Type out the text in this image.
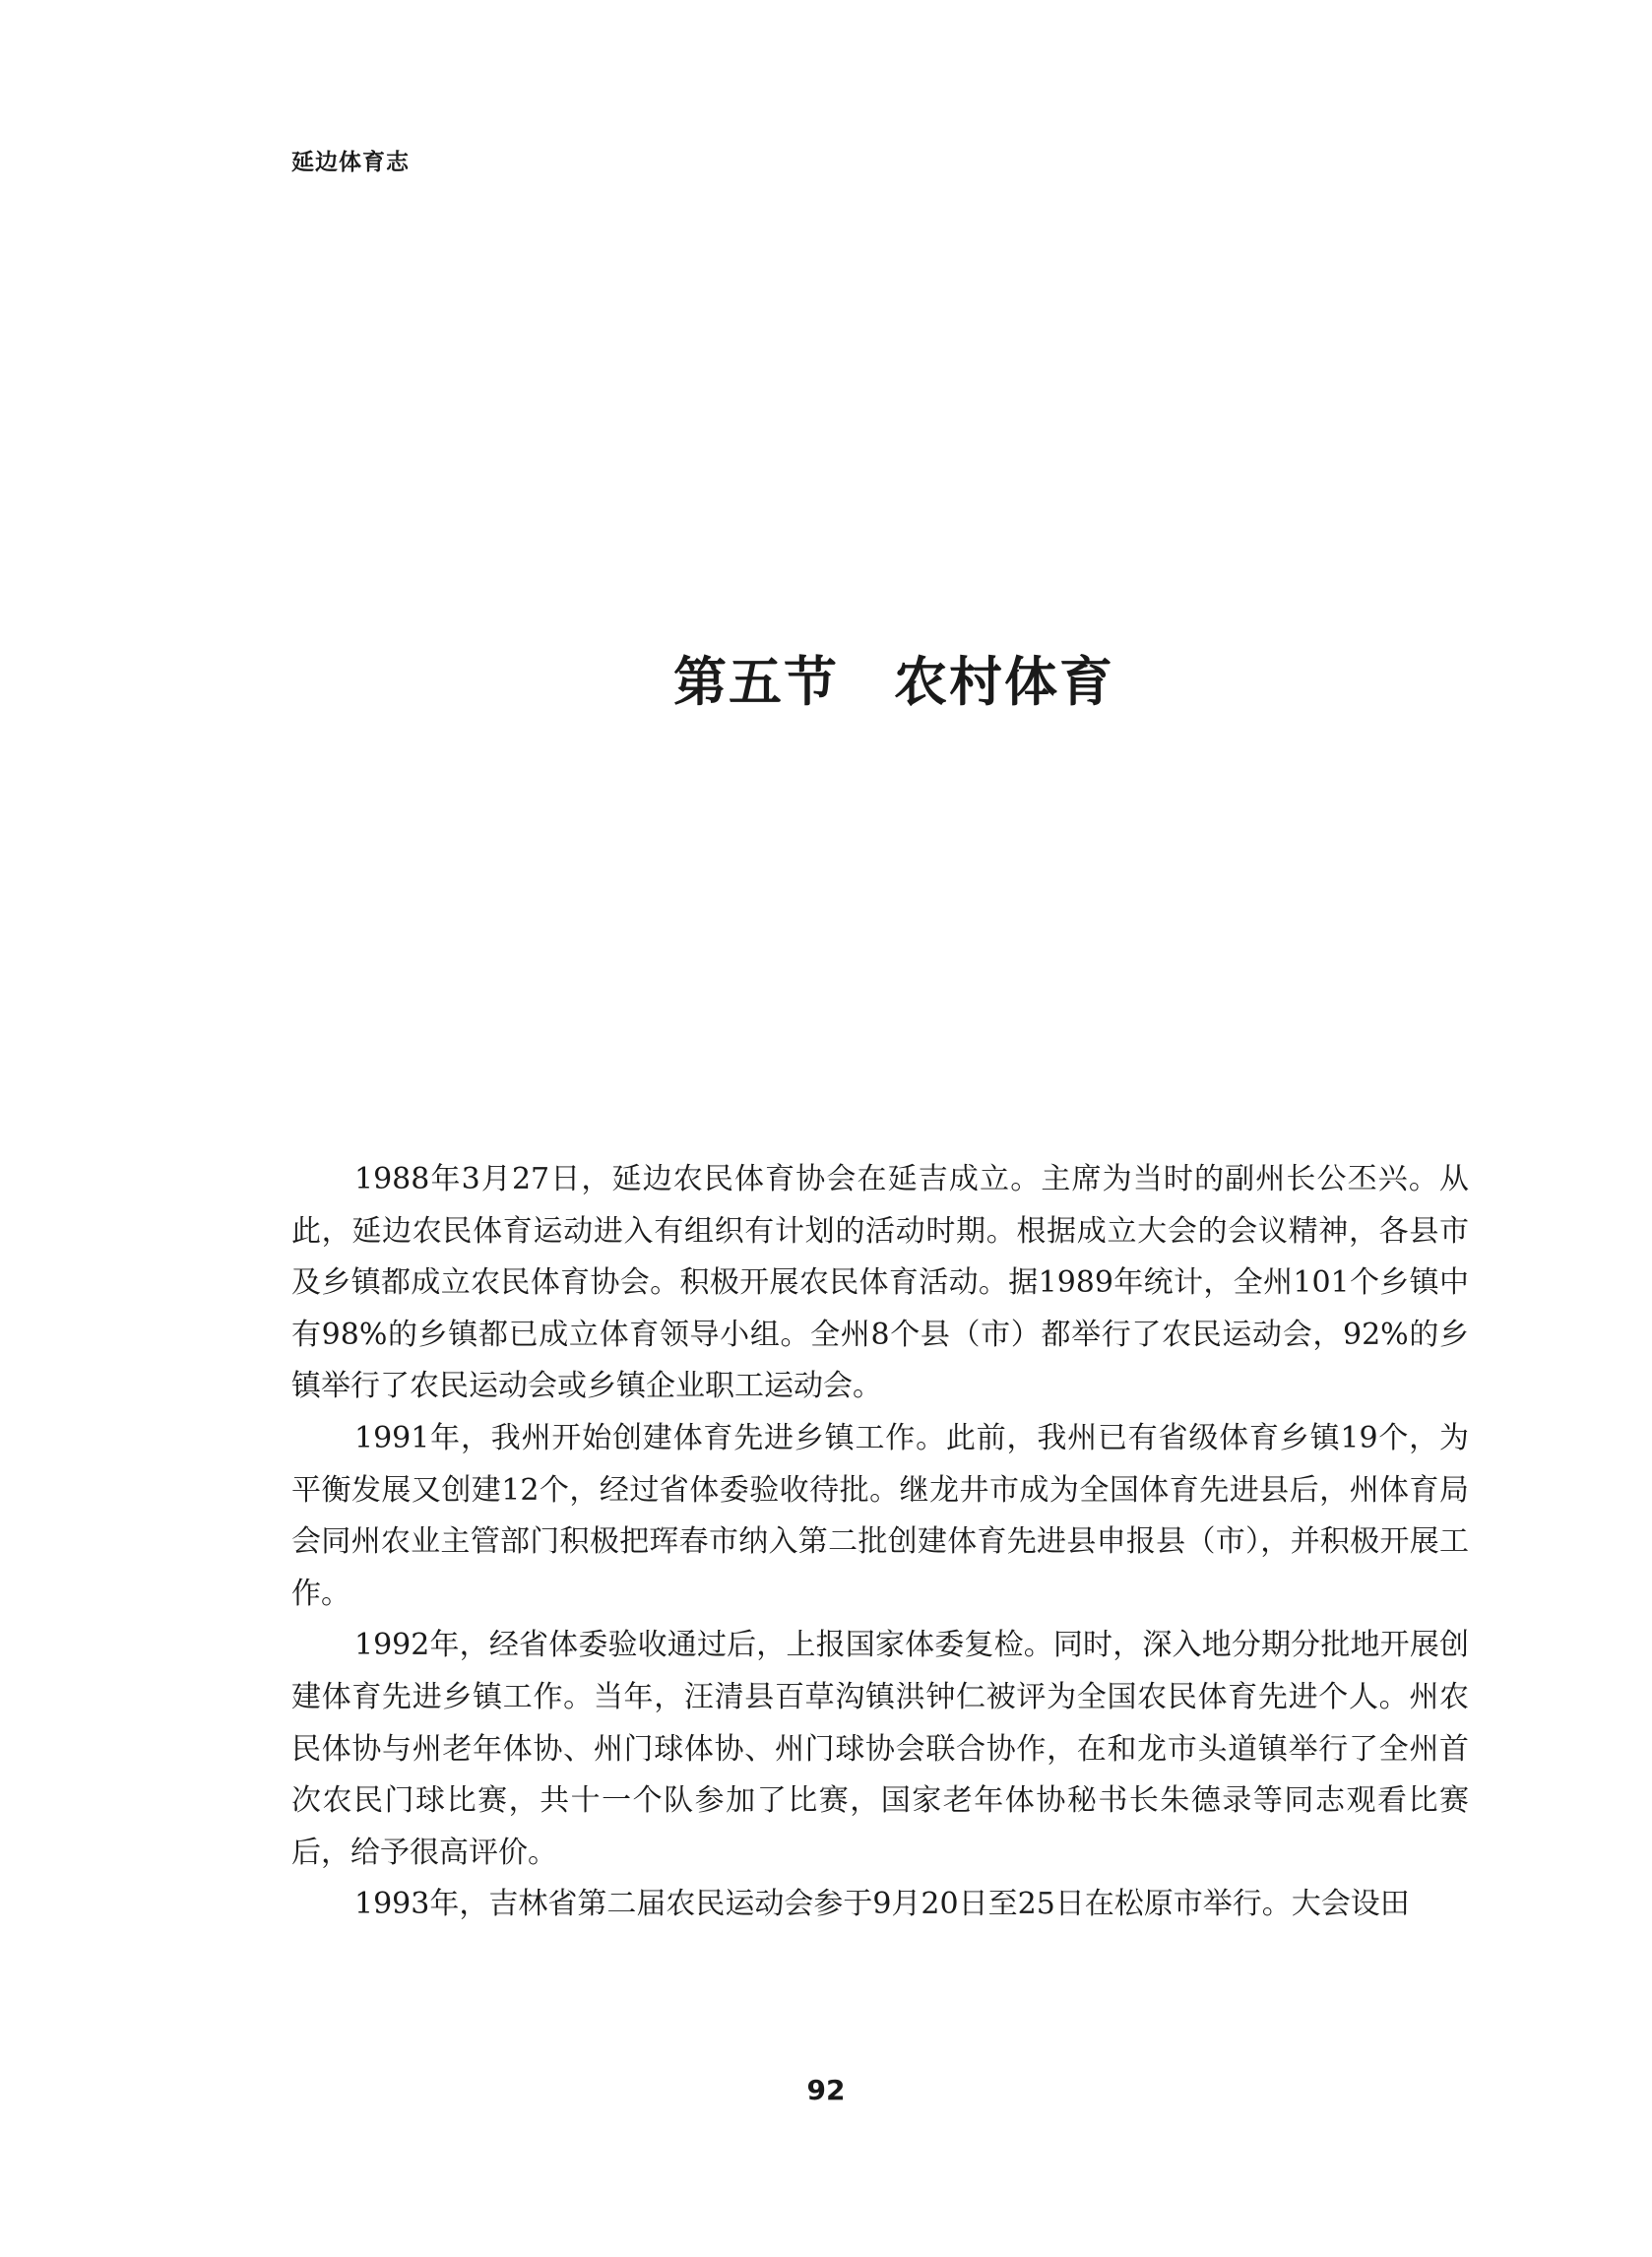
延边体育志
第五节　农村体育

1988年3月27日，延边农民体育协会在延吉成立。主席为当时的副州长公丕兴。从此，延边农民体育运动进入有组织有计划的活动时期。根据成立大会的会议精神，各县市及乡镇都成立农民体育协会。积极开展农民体育活动。据1989年统计，全州101个乡镇中有98%的乡镇都已成立体育领导小组。全州8个县（市）都举行了农民运动会，92%的乡镇举行了农民运动会或乡镇企业职工运动会。

1991年，我州开始创建体育先进乡镇工作。此前，我州已有省级体育乡镇19个，为平衡发展又创建12个，经过省体委验收待批。继龙井市成为全国体育先进县后，州体育局会同州农业主管部门积极把珲春市纳入第二批创建体育先进县申报县（市），并积极开展工作。

1992年，经省体委验收通过后，上报国家体委复检。同时，深入地分期分批地开展创建体育先进乡镇工作。当年，汪清县百草沟镇洪钟仁被评为全国农民体育先进个人。州农民体协与州老年体协、州门球体协、州门球协会联合协作，在和龙市头道镇举行了全州首次农民门球比赛，共十一个队参加了比赛，国家老年体协秘书长朱德录等同志观看比赛后，给予很高评价。

1993年，吉林省第二届农民运动会参于9月20日至25日在松原市举行。大会设田

92
